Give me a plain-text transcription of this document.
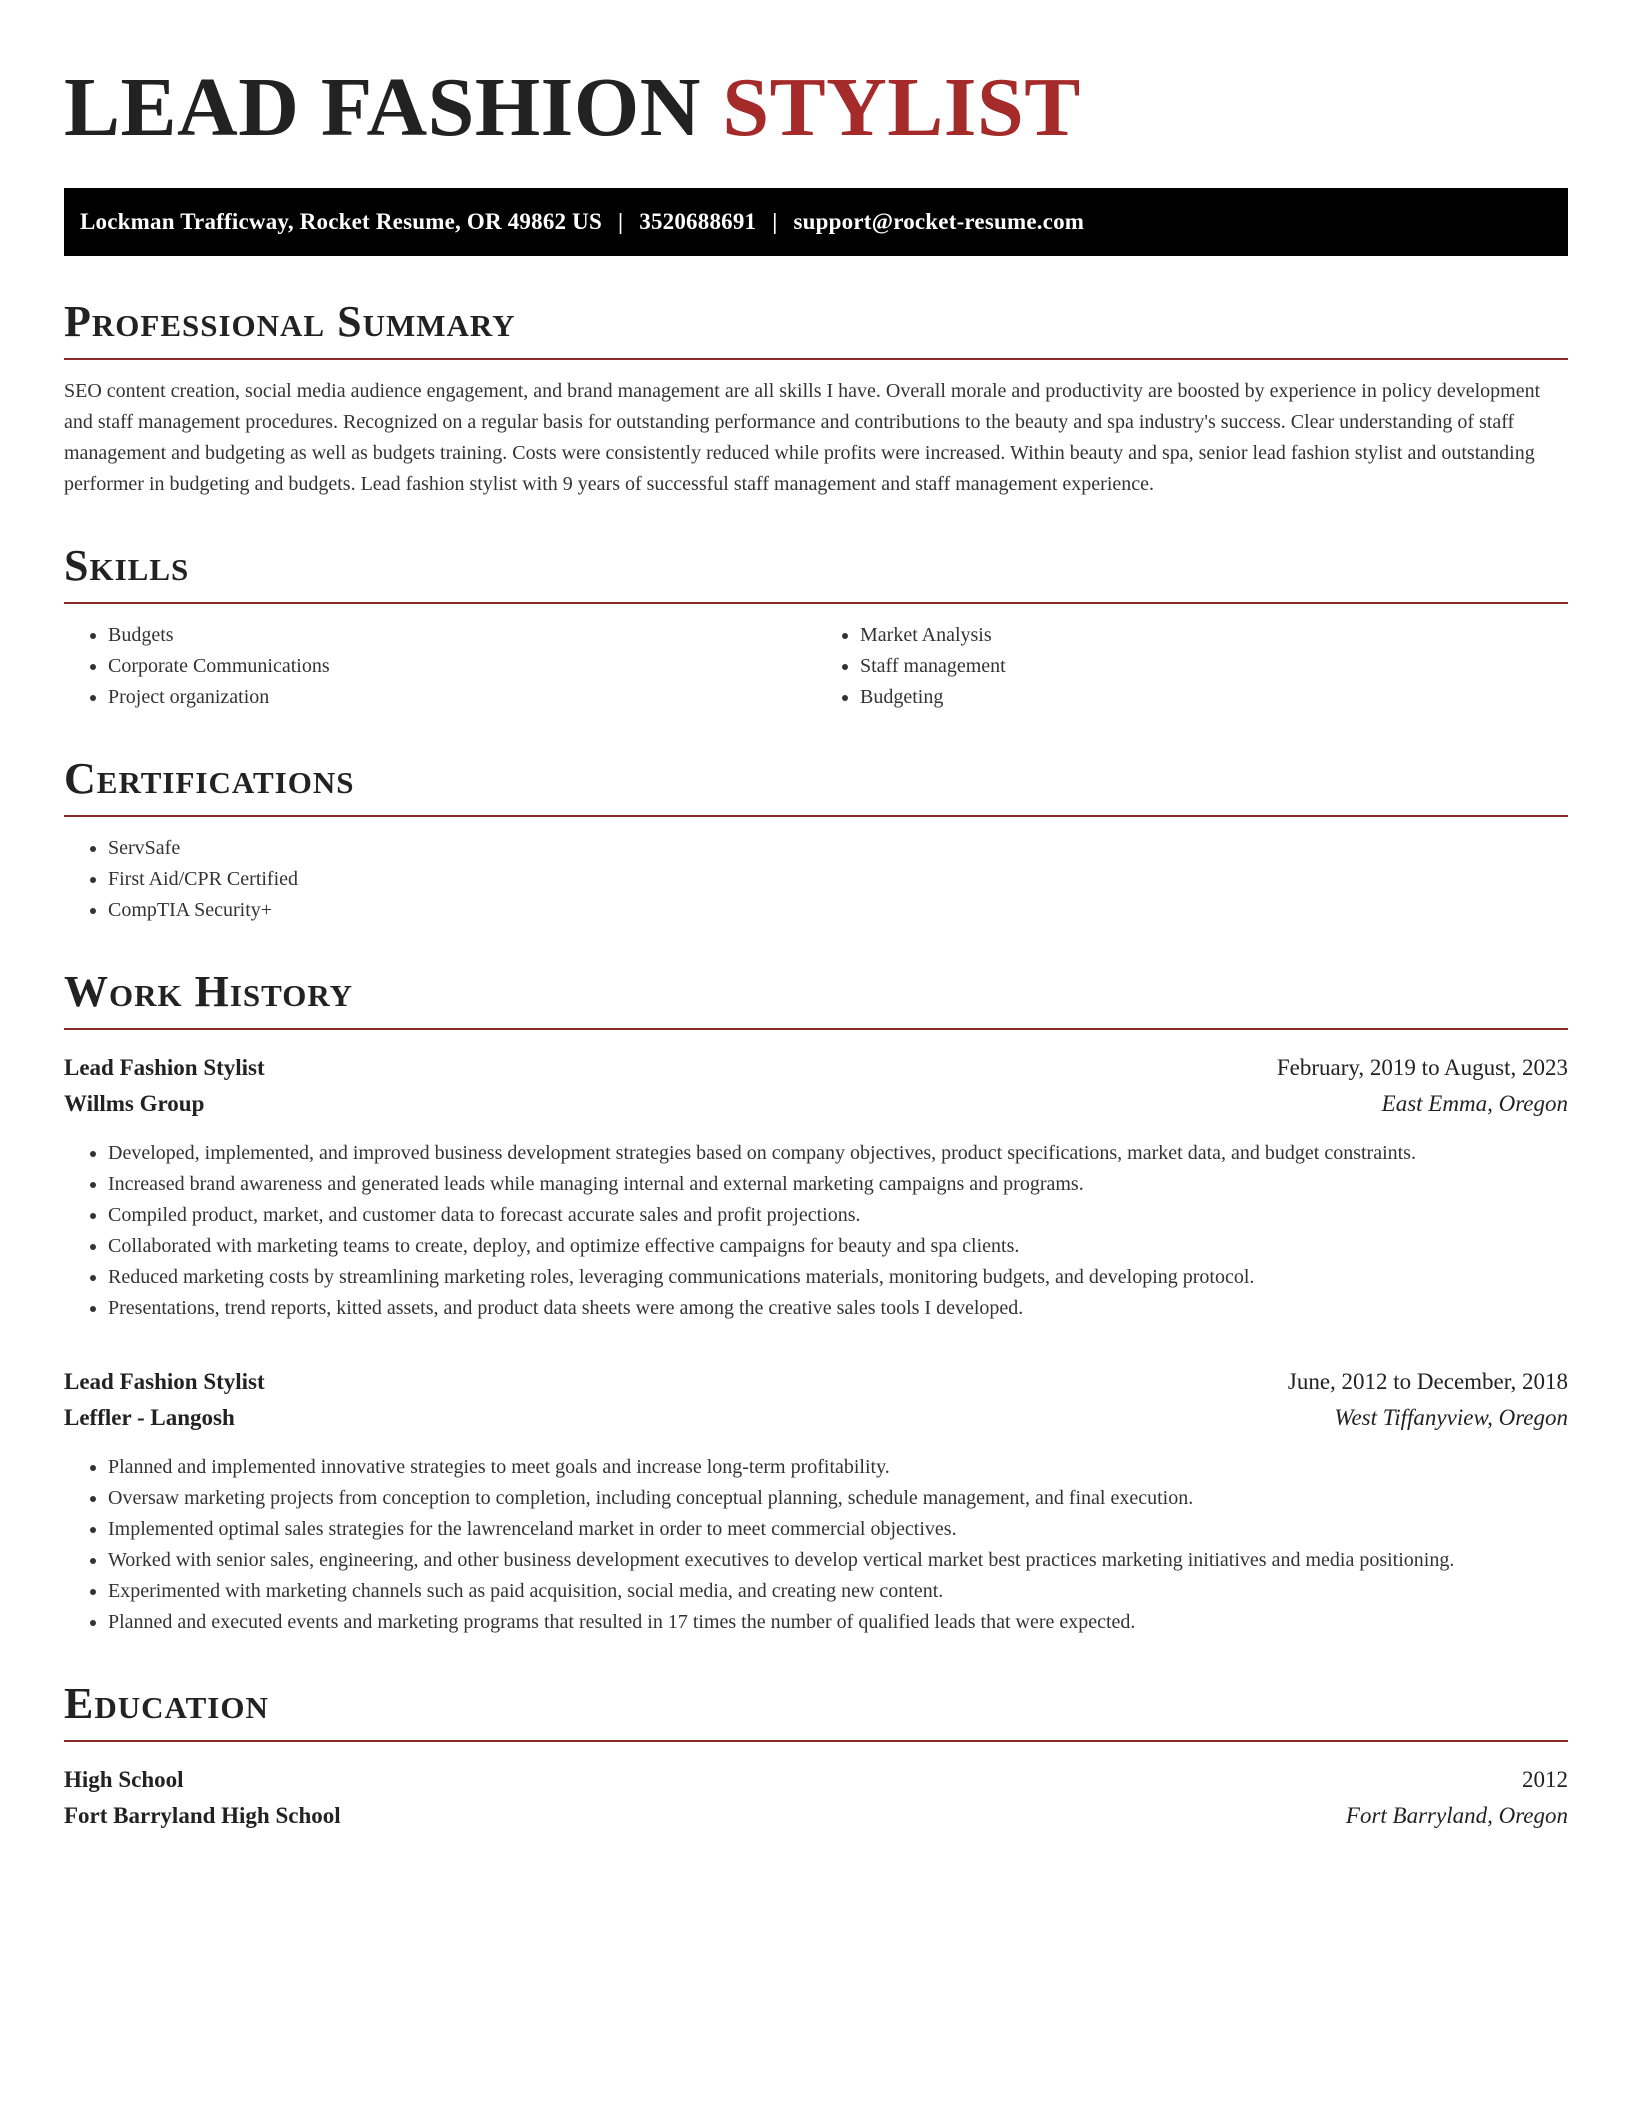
LEAD FASHION STYLIST
Lockman Trafficway, Rocket Resume, OR 49862 US | 3520688691 | support@rocket-resume.com
Professional Summary

SEO content creation, social media audience engagement, and brand management are all skills I have. Overall morale and productivity are boosted by experience in policy development and staff management procedures. Recognized on a regular basis for outstanding performance and contributions to the beauty and spa industry's success. Clear understanding of staff management and budgeting as well as budgets training. Costs were consistently reduced while profits were increased. Within beauty and spa, senior lead fashion stylist and outstanding performer in budgeting and budgets. Lead fashion stylist with 9 years of successful staff management and staff management experience.

Skills
• Budgets
• Corporate Communications
• Project organization
• Market Analysis
• Staff management
• Budgeting
Certifications
• ServSafe
• First Aid/CPR Certified
• CompTIA Security+
Work History
Lead Fashion Stylist	February, 2019 to August, 2023
Willms Group	East Emma, Oregon
• Developed, implemented, and improved business development strategies based on company objectives, product specifications, market data, and budget constraints.
• Increased brand awareness and generated leads while managing internal and external marketing campaigns and programs.
• Compiled product, market, and customer data to forecast accurate sales and profit projections.
• Collaborated with marketing teams to create, deploy, and optimize effective campaigns for beauty and spa clients.
• Reduced marketing costs by streamlining marketing roles, leveraging communications materials, monitoring budgets, and developing protocol.
• Presentations, trend reports, kitted assets, and product data sheets were among the creative sales tools I developed.
Lead Fashion Stylist	June, 2012 to December, 2018
Leffler - Langosh	West Tiffanyview, Oregon
• Planned and implemented innovative strategies to meet goals and increase long-term profitability.
• Oversaw marketing projects from conception to completion, including conceptual planning, schedule management, and final execution.
• Implemented optimal sales strategies for the lawrenceland market in order to meet commercial objectives.
• Worked with senior sales, engineering, and other business development executives to develop vertical market best practices marketing initiatives and media positioning.
• Experimented with marketing channels such as paid acquisition, social media, and creating new content.
• Planned and executed events and marketing programs that resulted in 17 times the number of qualified leads that were expected.
Education
High School	2012
Fort Barryland High School	Fort Barryland, Oregon
